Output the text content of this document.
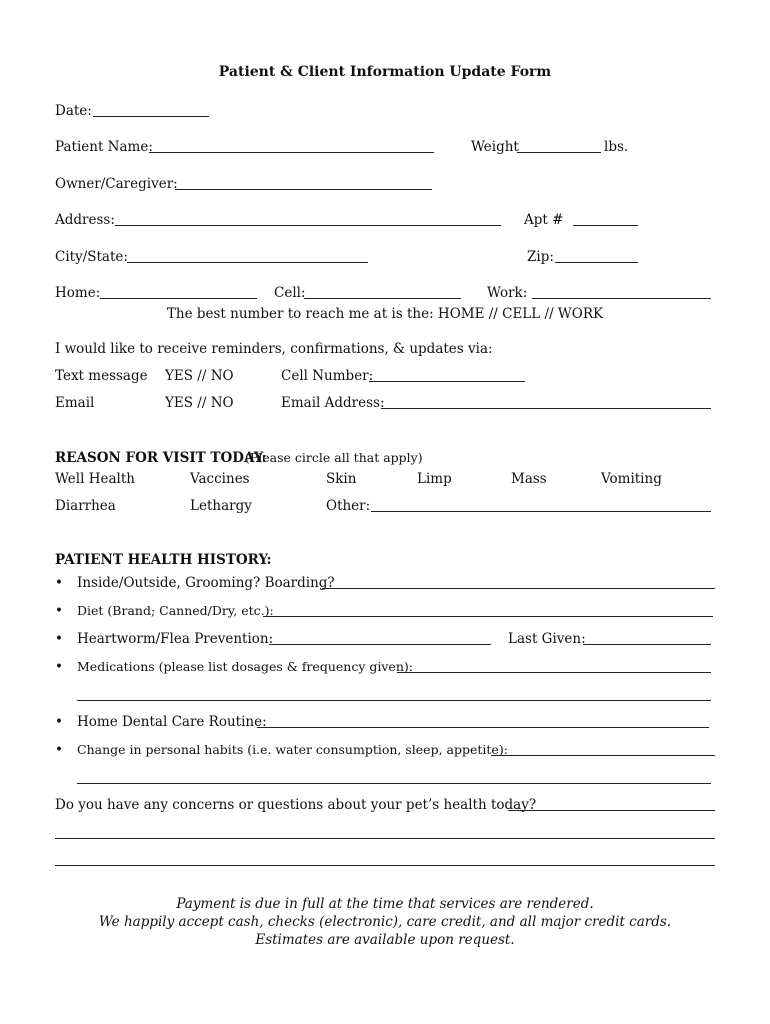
Patient & Client Information Update Form
Date:
Patient Name:	Weight	lbs.
Owner/Caregiver:
Address:	Apt #
City/State:	Zip:
Home:	Cell:	Work:
The best number to reach me at is the: HOME // CELL // WORK
I would like to receive reminders, confirmations, & updates via:
Text message YES // NO	Cell Number:
Email	YES // NO	Email Address:
REASON FOR VISIT TODAY:
(Please circle all that apply)
Well Health	Vaccines	Skin	Limp	Mass	Vomiting
Diarrhea	Lethargy	Other:
PATIENT HEALTH HISTORY:
• Inside/Outside, Grooming? Boarding?
• Diet (Brand; Canned/Dry, etc.):
• Heartworm/Flea Prevention:	Last Given:
• Medications (please list dosages & frequency given):
• Home Dental Care Routine:
• Change in personal habits (i.e. water consumption, sleep, appetite):
Do you have any concerns or questions about your pet’s health today?
Payment is due in full at the time that services are rendered.
We happily accept cash, checks (electronic), care credit, and all major credit cards.
Estimates are available upon request.
